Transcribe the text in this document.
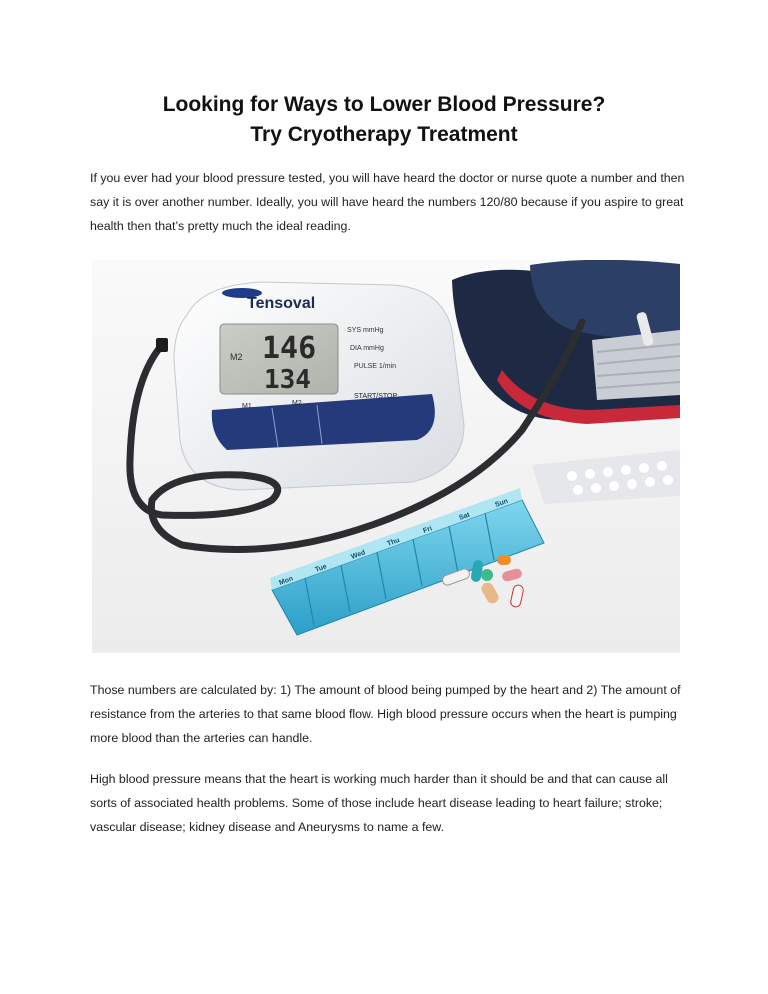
Looking for Ways to Lower Blood Pressure?
Try Cryotherapy Treatment

If you ever had your blood pressure tested, you will have heard the doctor or nurse quote a number and then say it is over another number. Ideally, you will have heard the numbers 120/80 because if you aspire to great health then that’s pretty much the ideal reading.

Tensoval
M2 146
134
SYS mmHg
DIA mmHg
PULSE 1/min
M1	M2
START/STOP
Mon
Tue
Wed
Thu
Fri
Sat
Sun

Those numbers are calculated by: 1) The amount of blood being pumped by the heart and 2) The amount of resistance from the arteries to that same blood flow. High blood pressure occurs when the heart is pumping more blood than the arteries can handle.

High blood pressure means that the heart is working much harder than it should be and that can cause all sorts of associated health problems. Some of those include heart disease leading to heart failure; stroke; vascular disease; kidney disease and Aneurysms to name a few.
